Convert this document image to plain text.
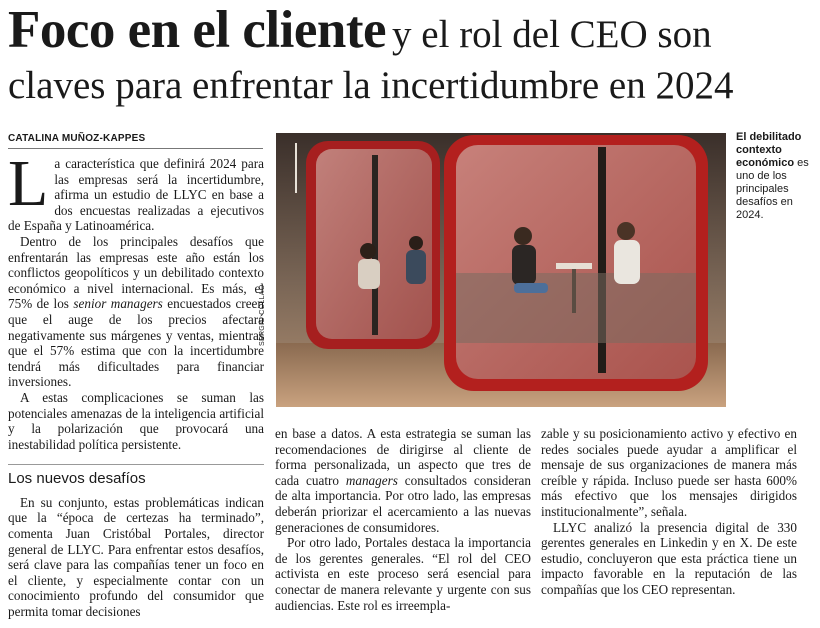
Foco en el cliente y el rol del CEO son
claves para enfrentar la incertidumbre en 2024
CATALINA MUÑOZ-KAPPES

La característica que definirá 2024 para las empresas será la incertidumbre, afirma un estudio de LLYC en base a dos encuestas realizadas a ejecutivos de España y Latinoamérica.

Dentro de los principales desafíos que enfrentarán las empresas este año están los conflictos geopolíticos y un debilitado contexto económico a nivel internacional. Es más, el 75% de los senior managers encuestados creen que el auge de los precios afectará negativamente sus márgenes y ventas, mientras que el 57% estima que con la incertidumbre tendrá más dificultades para financiar inversiones.

A estas complicaciones se suman las potenciales amenazas de la inteligencia artificial y la polarización que provocará una inestabilidad política persistente.

Los nuevos desafíos

En su conjunto, estas problemáticas indican que la “época de certezas ha terminado”, comenta Juan Cristóbal Portales, director general de LLYC. Para enfrentar estos desafíos, será clave para las compañías tener un foco en el cliente, y especialmente contar con un conocimiento profundo del consumidor que permita tomar decisiones

SERGIO COLLAO
El debilitado contexto económico es uno de los principales desafíos en 2024.

en base a datos. A esta estrategia se suman las recomendaciones de dirigirse al cliente de forma personalizada, un aspecto que tres de cada cuatro managers consultados consideran de alta importancia. Por otro lado, las empresas deberán priorizar el acercamiento a las nuevas generaciones de consumidores.

Por otro lado, Portales destaca la importancia de los gerentes generales. “El rol del CEO activista en este proceso será esencial para conectar de manera relevante y urgente con sus audiencias. Este rol es irreempla-

zable y su posicionamiento activo y efectivo en redes sociales puede ayudar a amplificar el mensaje de sus organizaciones de manera más creíble y rápida. Incluso puede ser hasta 600% más efectivo que los mensajes dirigidos institucionalmente”, señala.

LLYC analizó la presencia digital de 330 gerentes generales en Linkedin y en X. De este estudio, concluyeron que esta práctica tiene un impacto favorable en la reputación de las compañías que los CEO representan.
